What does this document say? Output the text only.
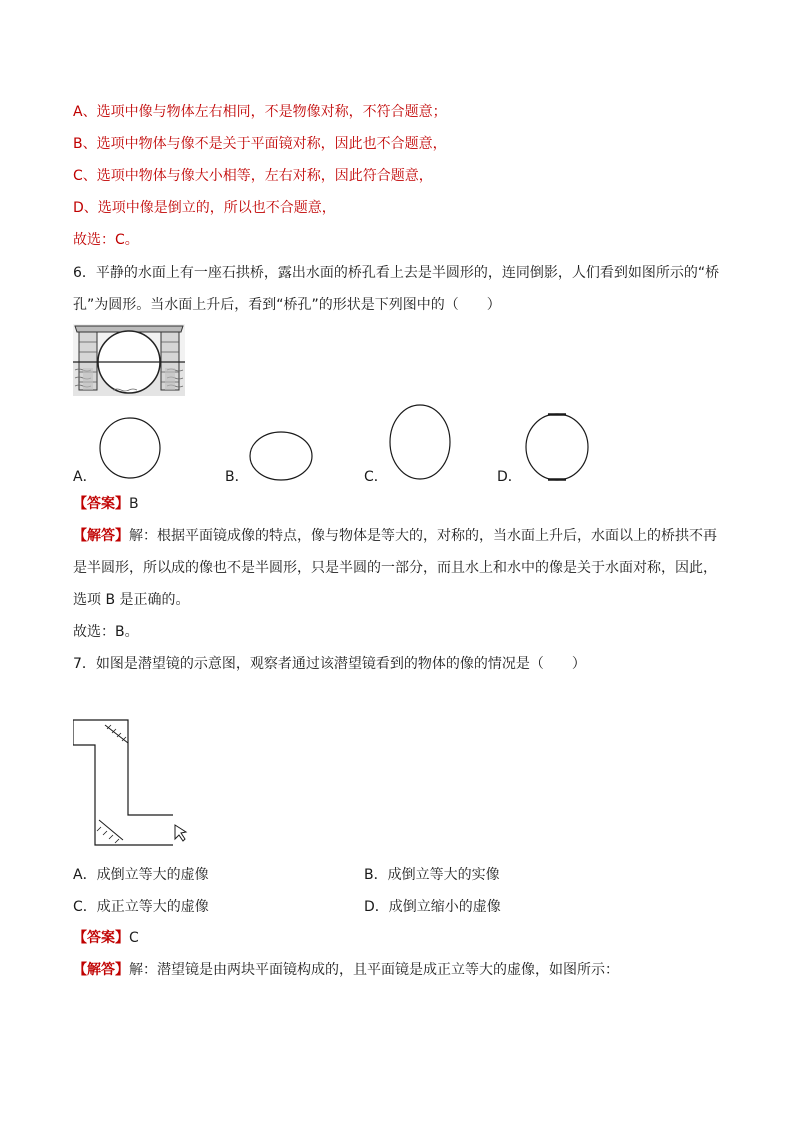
A、选项中像与物体左右相同，不是物像对称，不符合题意；
B、选项中物体与像不是关于平面镜对称，因此也不合题意，
C、选项中物体与像大小相等，左右对称，因此符合题意，
D、选项中像是倒立的，所以也不合题意，
故选：C。
6．平静的水面上有一座石拱桥，露出水面的桥孔看上去是半圆形的，连同倒影，人们看到如图所示的“桥
孔”为圆形。当水面上升后，看到“桥孔”的形状是下列图中的（　　）
A．	B．	C．	D．
【答案】B
【解答】解：根据平面镜成像的特点，像与物体是等大的，对称的，当水面上升后，水面以上的桥拱不再
是半圆形，所以成的像也不是半圆形，只是半圆的一部分，而且水上和水中的像是关于水面对称，因此，
选项 B 是正确的。
故选：B。
7．如图是潜望镜的示意图，观察者通过该潜望镜看到的物体的像的情况是（　　）
A．成倒立等大的虚像	B．成倒立等大的实像
C．成正立等大的虚像	D．成倒立缩小的虚像
【答案】C
【解答】解：潜望镜是由两块平面镜构成的，且平面镜是成正立等大的虚像，如图所示：
